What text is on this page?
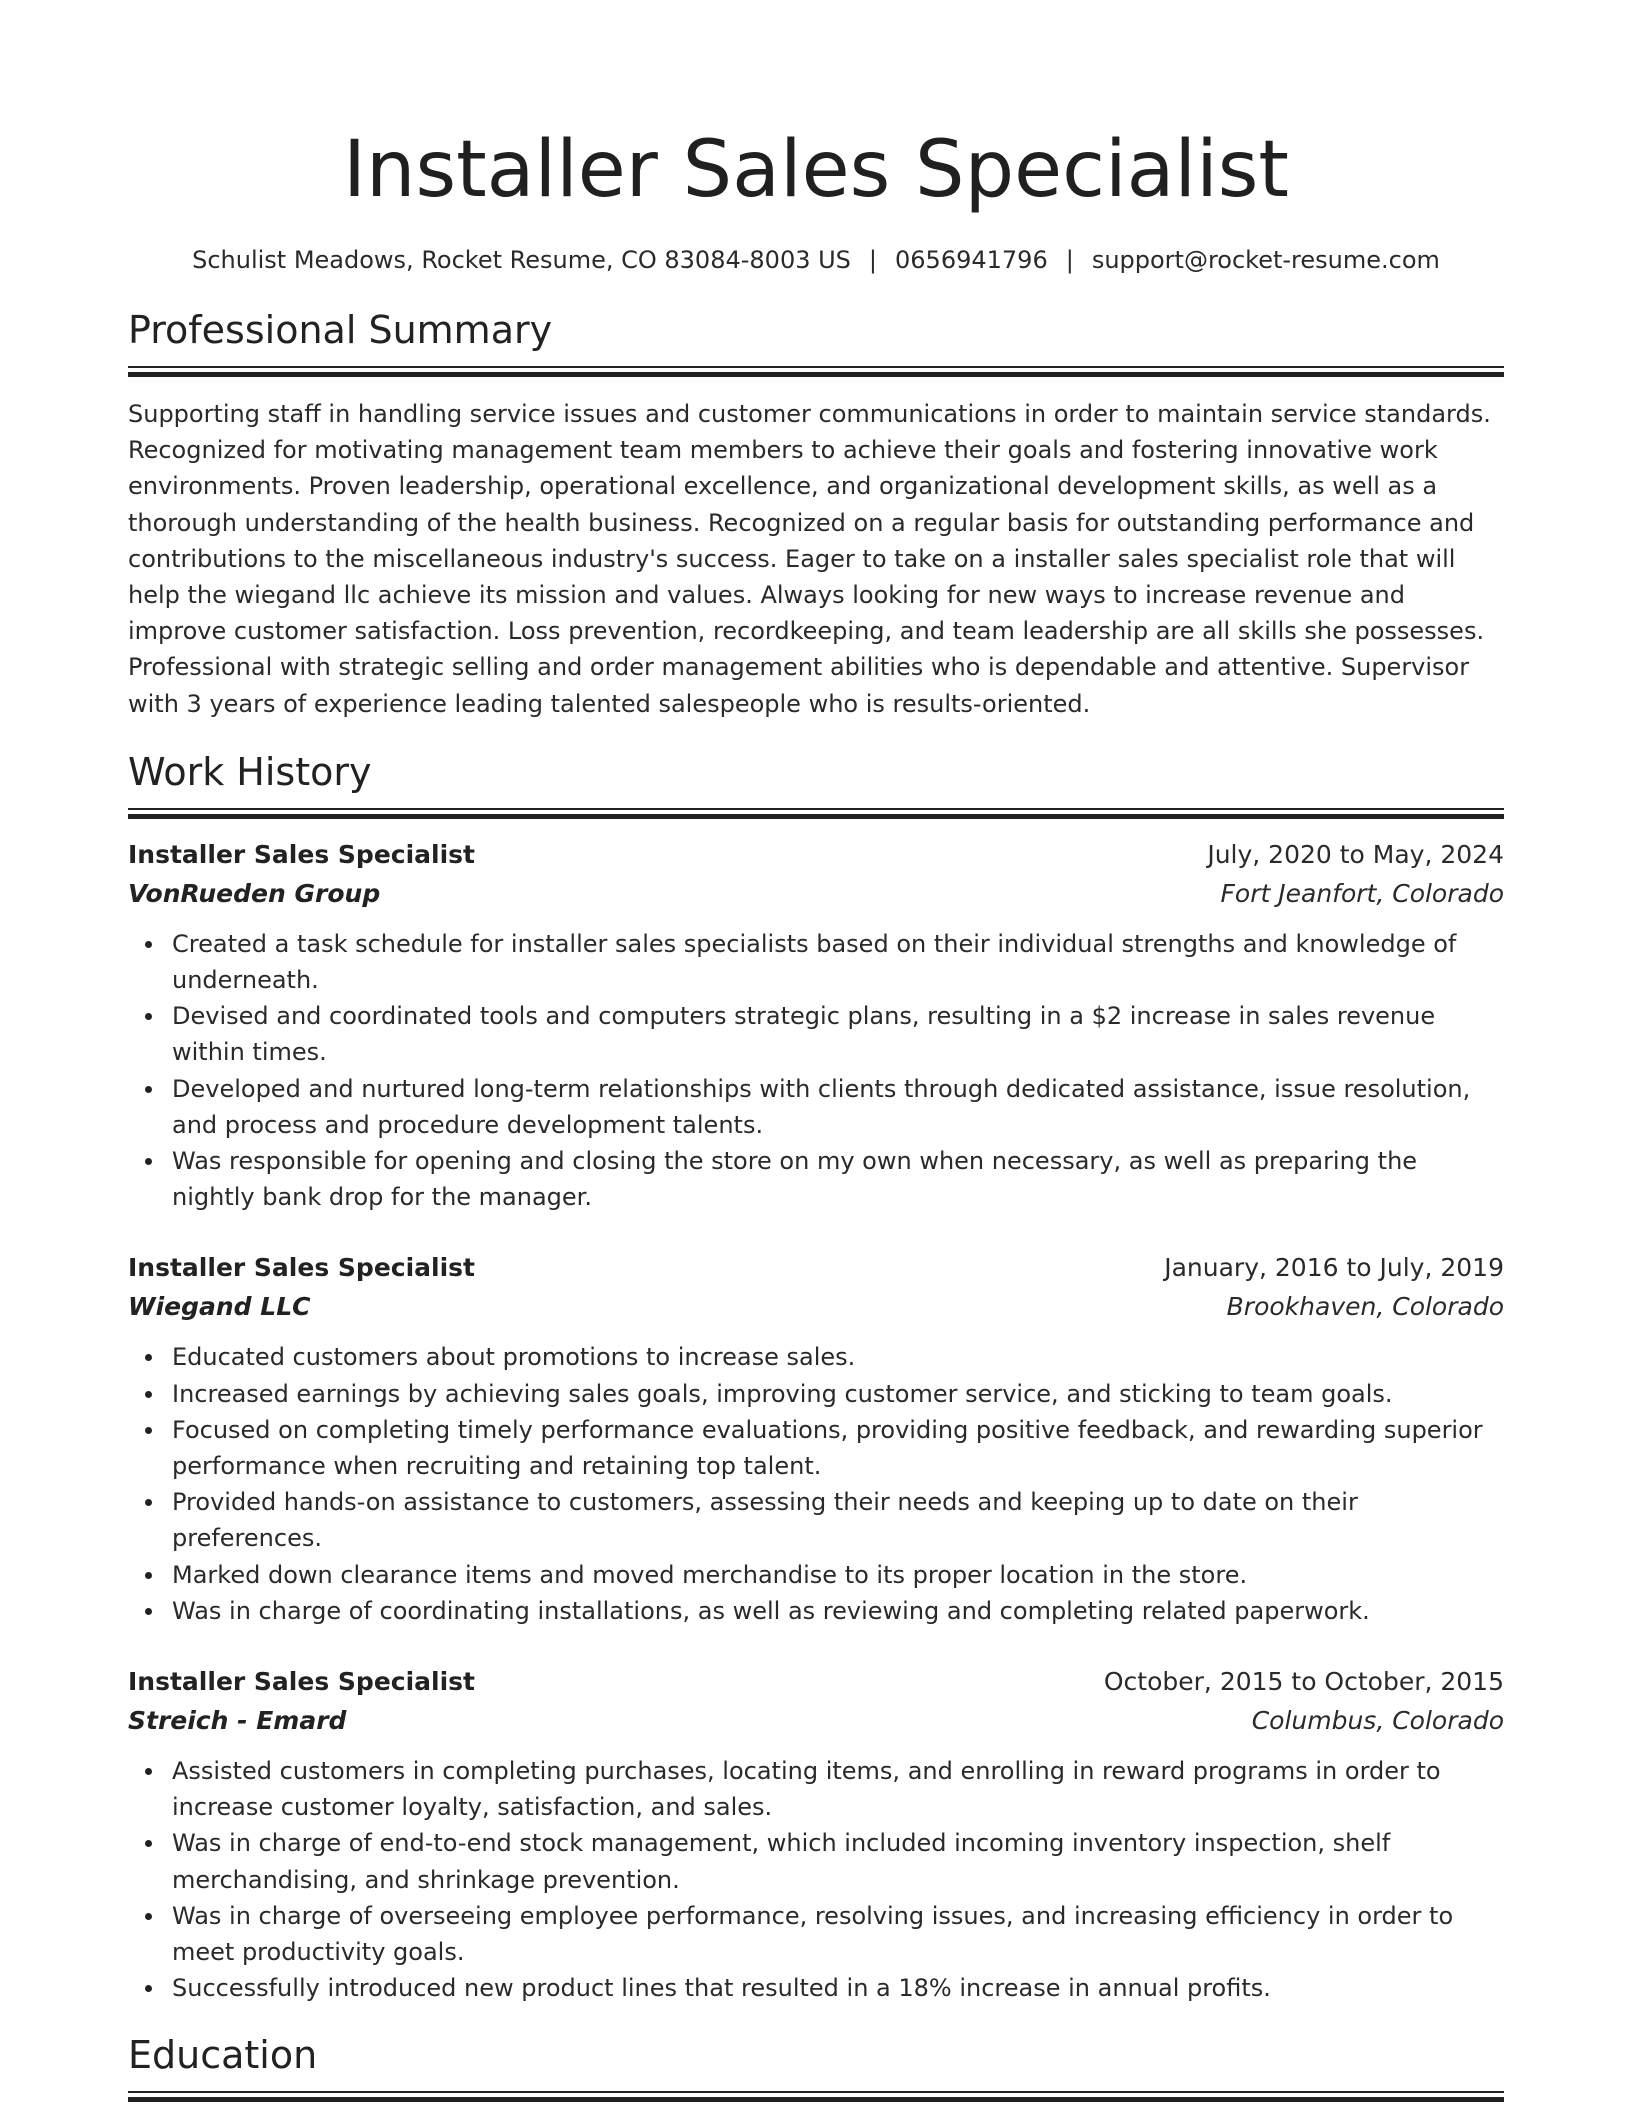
Installer Sales Specialist
Schulist Meadows, Rocket Resume, CO 83084-8003 US | 0656941796 | support@rocket-resume.com
Professional Summary

Supporting staff in handling service issues and customer communications in order to maintain service standards. Recognized for motivating management team members to achieve their goals and fostering innovative work environments. Proven leadership, operational excellence, and organizational development skills, as well as a thorough understanding of the health business. Recognized on a regular basis for outstanding performance and contributions to the miscellaneous industry's success. Eager to take on a installer sales specialist role that will help the wiegand llc achieve its mission and values. Always looking for new ways to increase revenue and improve customer satisfaction. Loss prevention, recordkeeping, and team leadership are all skills she possesses. Professional with strategic selling and order management abilities who is dependable and attentive. Supervisor with 3 years of experience leading talented salespeople who is results-oriented.

Work History
Installer Sales Specialist	July, 2020 to May, 2024
VonRueden Group	Fort Jeanfort, Colorado
Created a task schedule for installer sales specialists based on their individual strengths and knowledge of underneath.
Devised and coordinated tools and computers strategic plans, resulting in a $2 increase in sales revenue within times.
Developed and nurtured long-term relationships with clients through dedicated assistance, issue resolution, and process and procedure development talents.
Was responsible for opening and closing the store on my own when necessary, as well as preparing the nightly bank drop for the manager.
Installer Sales Specialist	January, 2016 to July, 2019
Wiegand LLC	Brookhaven, Colorado
Educated customers about promotions to increase sales.
Increased earnings by achieving sales goals, improving customer service, and sticking to team goals.
Focused on completing timely performance evaluations, providing positive feedback, and rewarding superior performance when recruiting and retaining top talent.
Provided hands-on assistance to customers, assessing their needs and keeping up to date on their preferences.
Marked down clearance items and moved merchandise to its proper location in the store.
Was in charge of coordinating installations, as well as reviewing and completing related paperwork.
Installer Sales Specialist	October, 2015 to October, 2015
Streich - Emard	Columbus, Colorado
Assisted customers in completing purchases, locating items, and enrolling in reward programs in order to increase customer loyalty, satisfaction, and sales.
Was in charge of end-to-end stock management, which included incoming inventory inspection, shelf merchandising, and shrinkage prevention.
Was in charge of overseeing employee performance, resolving issues, and increasing efficiency in order to meet productivity goals.
Successfully introduced new product lines that resulted in a 18% increase in annual profits.
Education
